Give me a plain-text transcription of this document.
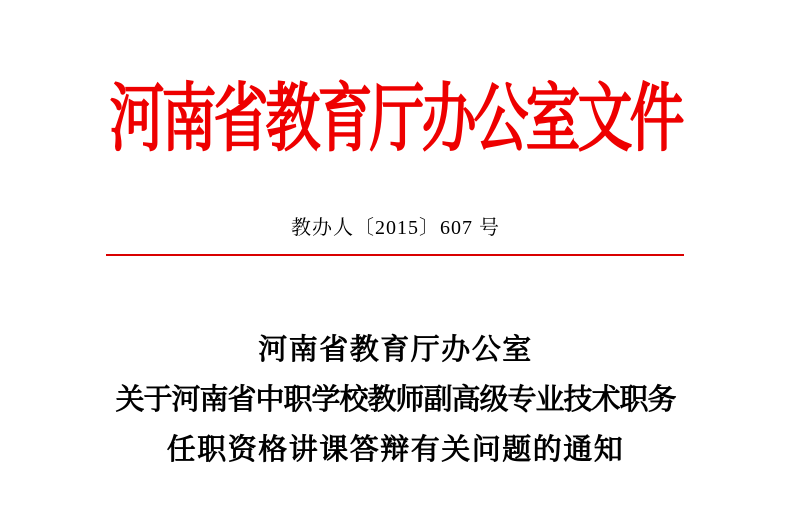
河南省教育厅办公室文件
教办人〔2015〕607 号
河南省教育厅办公室
关于河南省中职学校教师副高级专业技术职务
任职资格讲课答辩有关问题的通知
